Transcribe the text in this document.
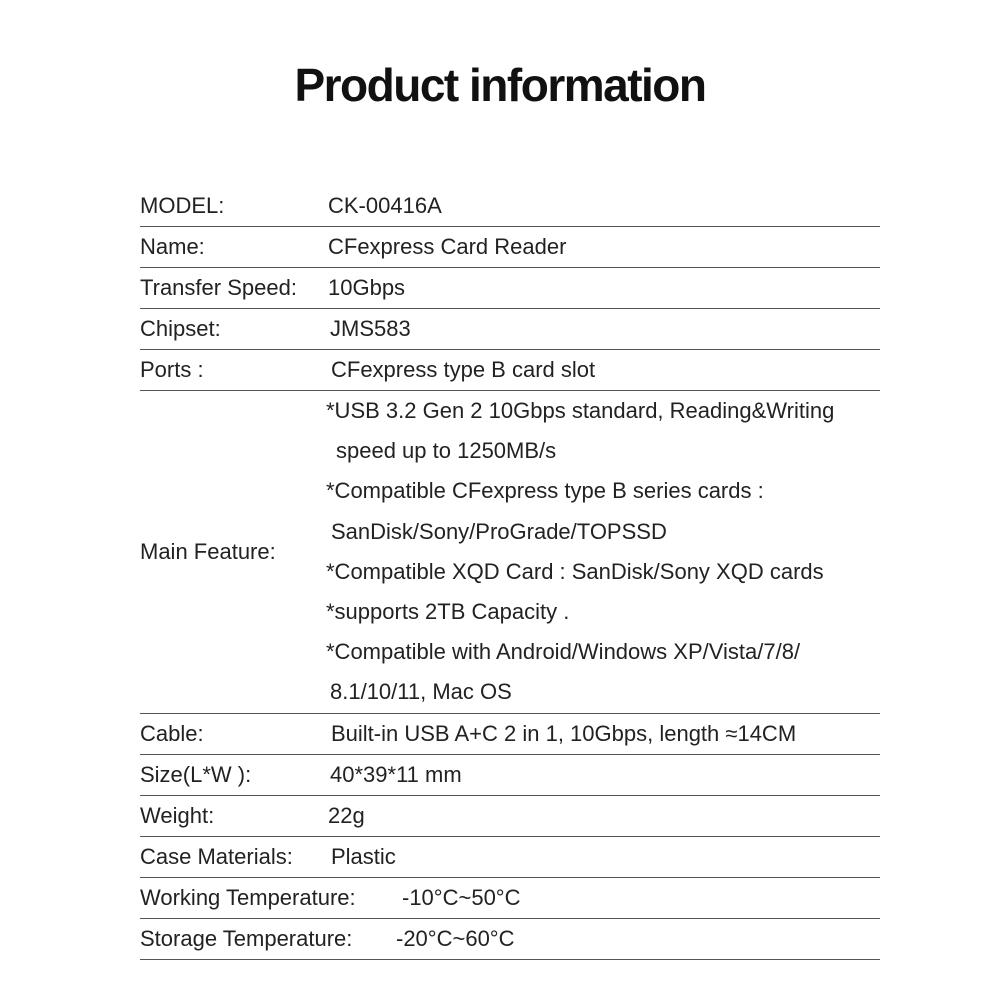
Product information
MODEL:	CK-00416A
Name:	CFexpress Card Reader
Transfer Speed:	10Gbps
Chipset:	JMS583
Ports :	CFexpress type B card slot
Main Feature:
*USB 3.2 Gen 2 10Gbps standard, Reading&Writing
speed up to 1250MB/s
*Compatible CFexpress type B series cards :
SanDisk/Sony/ProGrade/TOPSSD
*Compatible XQD Card : SanDisk/Sony XQD cards
*supports 2TB Capacity .
*Compatible with Android/Windows XP/Vista/7/8/
8.1/10/11, Mac OS
Cable:	Built-in USB A+C 2 in 1, 10Gbps, length ≈14CM
Size(L*W ):	40*39*11 mm
Weight:	22g
Case Materials:	Plastic
Working Temperature:	-10°C~50°C
Storage Temperature:	-20°C~60°C
